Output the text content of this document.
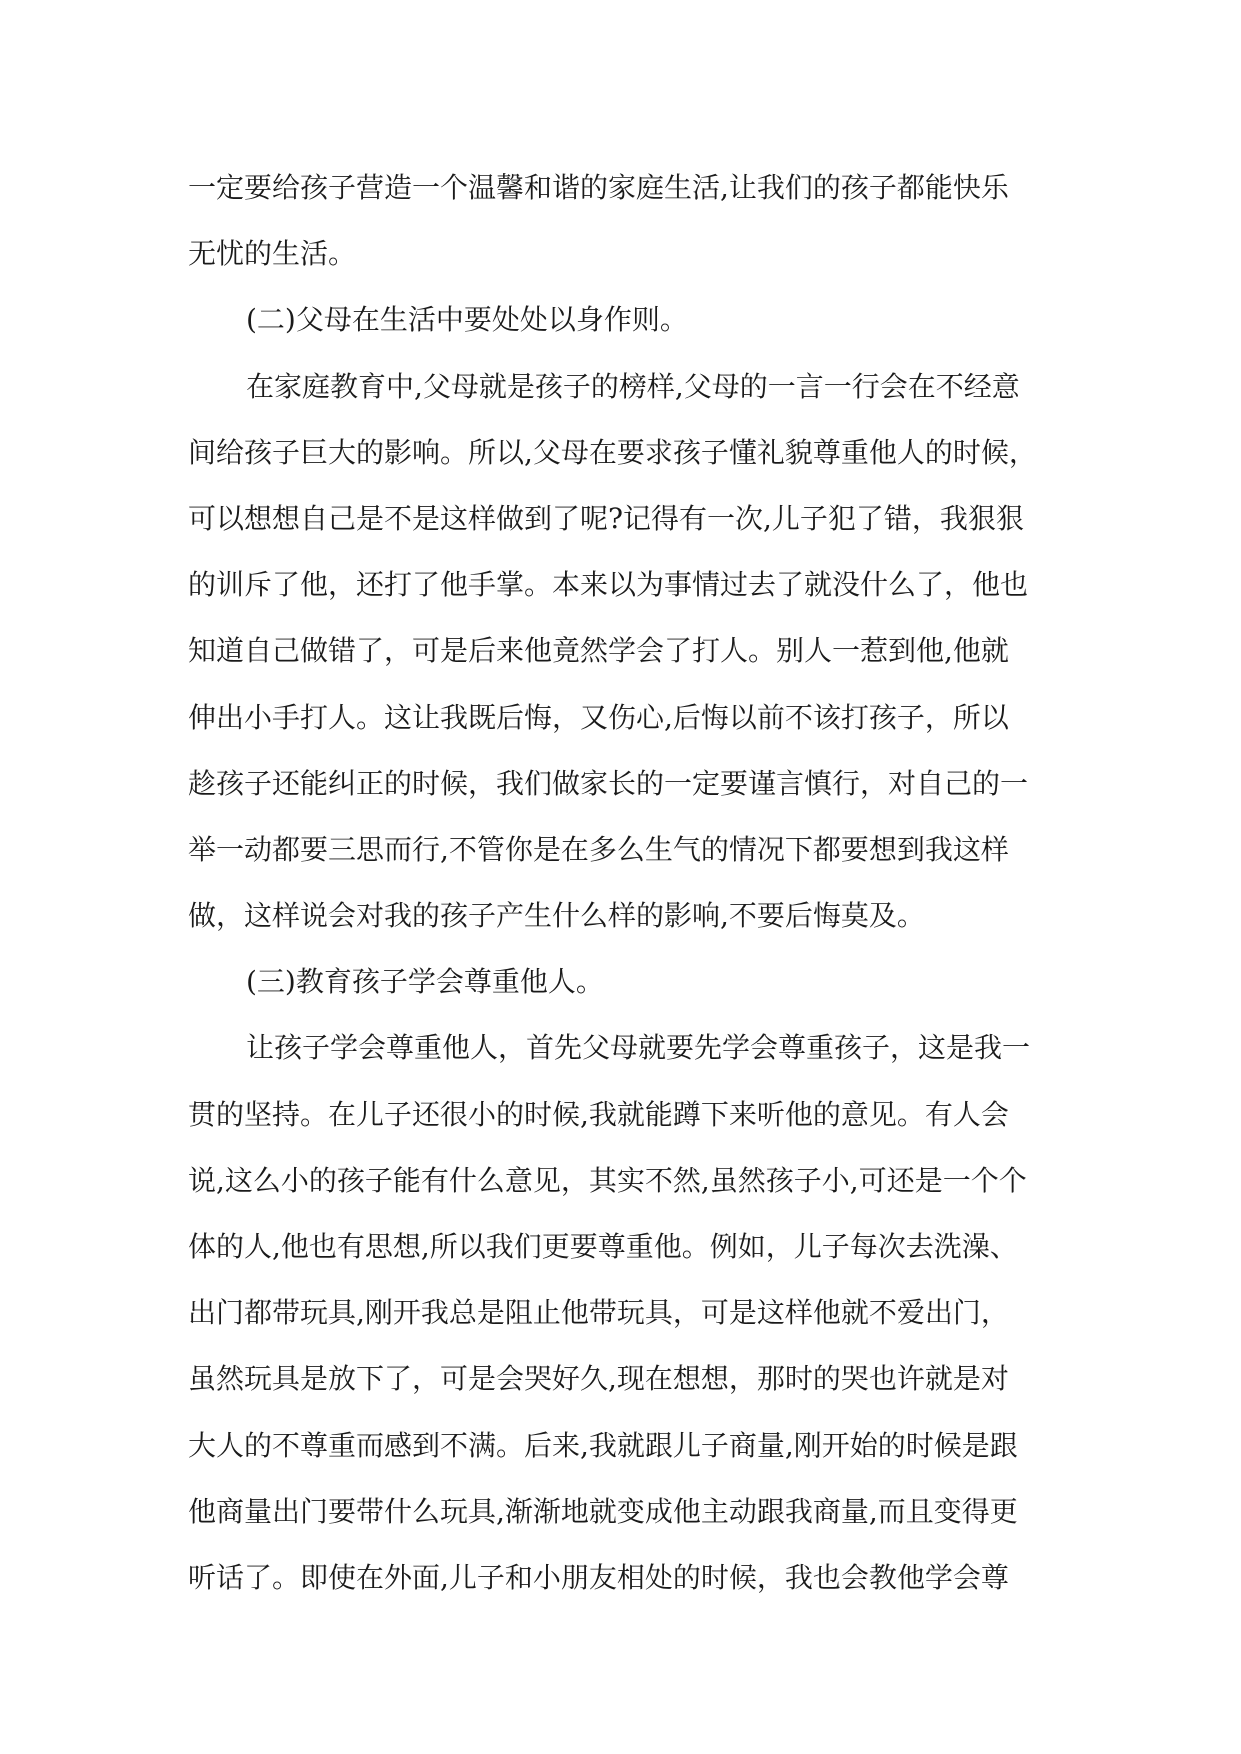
一定要给孩子营造一个温馨和谐的家庭生活,让我们的孩子都能快乐
无忧的生活。
(二)父母在生活中要处处以身作则。
在家庭教育中,父母就是孩子的榜样,父母的一言一行会在不经意
间给孩子巨大的影响。所以,父母在要求孩子懂礼貌尊重他人的时候，
可以想想自己是不是这样做到了呢?记得有一次,儿子犯了错，我狠狠
的训斥了他，还打了他手掌。本来以为事情过去了就没什么了，他也
知道自己做错了，可是后来他竟然学会了打人。别人一惹到他,他就
伸出小手打人。这让我既后悔，又伤心,后悔以前不该打孩子，所以
趁孩子还能纠正的时候，我们做家长的一定要谨言慎行，对自己的一
举一动都要三思而行,不管你是在多么生气的情况下都要想到我这样
做，这样说会对我的孩子产生什么样的影响,不要后悔莫及。
(三)教育孩子学会尊重他人。
让孩子学会尊重他人，首先父母就要先学会尊重孩子，这是我一
贯的坚持。在儿子还很小的时候,我就能蹲下来听他的意见。有人会
说,这么小的孩子能有什么意见，其实不然,虽然孩子小,可还是一个个
体的人,他也有思想,所以我们更要尊重他。例如，儿子每次去洗澡、
出门都带玩具,刚开我总是阻止他带玩具，可是这样他就不爱出门，
虽然玩具是放下了，可是会哭好久,现在想想，那时的哭也许就是对
大人的不尊重而感到不满。后来,我就跟儿子商量,刚开始的时候是跟
他商量出门要带什么玩具,渐渐地就变成他主动跟我商量,而且变得更
听话了。即使在外面,儿子和小朋友相处的时候，我也会教他学会尊
